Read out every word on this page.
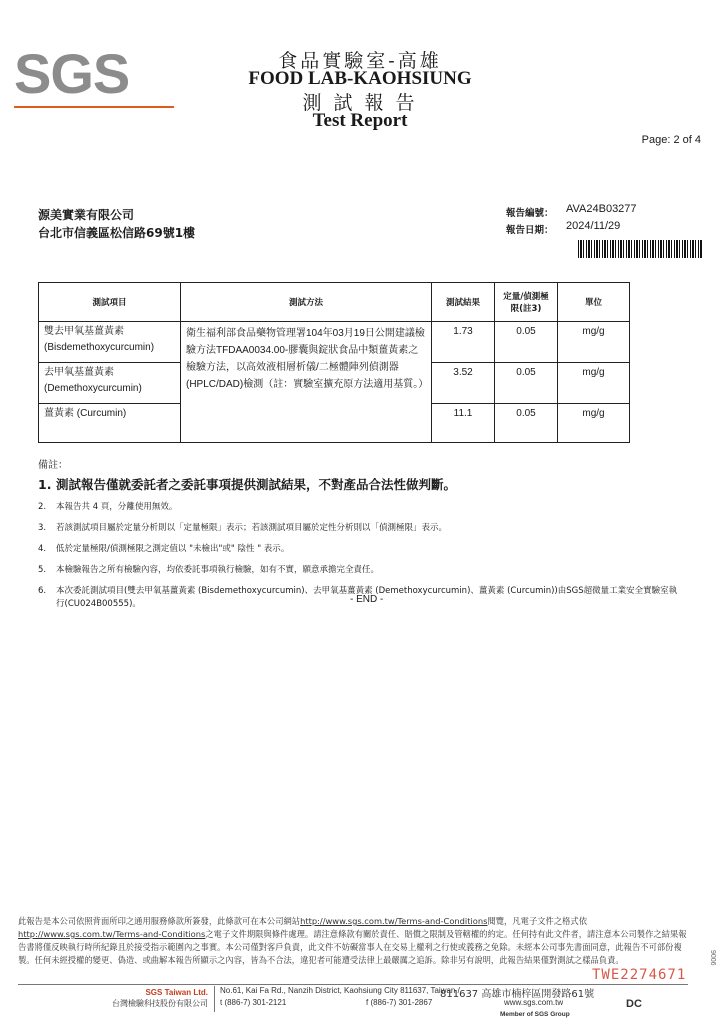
SGS	食品實驗室-高雄
FOOD LAB-KAOHSIUNG
測 試 報 告
Test Report
Page: 2 of 4
源美實業有限公司
台北市信義區松信路69號1樓
報告編號： AVA24B03277
報告日期： 2024/11/29
測試項目	測試方法	測試結果	定量/偵測極限(註3)	單位

雙去甲氧基薑黃素
(Bisdemethoxycurcumin)	衛生福利部食品藥物管理署104年03月19日公開建議檢驗方法TFDAA0034.00-膠囊與錠狀食品中類薑黃素之檢驗方法，以高效液相層析儀/二極體陣列偵測器(HPLC/DAD)檢測（註：實驗室擴充原方法適用基質。）	1.73	0.05	mg/g

去甲氧基薑黃素
(Demethoxycurcumin)		3.52	0.05	mg/g

薑黃素 (Curcumin)		11.1	0.05	mg/g
備註：
1. 測試報告僅就委託者之委託事項提供測試結果，不對產品合法性做判斷。
2. 本報告共 4 頁，分離使用無效。
3. 若該測試項目屬於定量分析則以「定量極限」表示；若該測試項目屬於定性分析則以「偵測極限」表示。
4. 低於定量極限/偵測極限之測定值以 "未檢出"或" 陰性 " 表示。
5. 本檢驗報告之所有檢驗內容，均依委託事項執行檢驗，如有不實，願意承擔完全責任。
6. 本次委託測試項目(雙去甲氧基薑黃素 (Bisdemethoxycurcumin)、去甲氧基薑黃素 (Demethoxycurcumin)、薑黃素 (Curcumin))由SGS超微量工業安全實驗室執行(CU024B00555)。	- END -
此報告是本公司依照背面所印之通用服務條款所簽發，此條款可在本公司網站http://www.sgs.com.tw/Terms-and-Conditions閱覽，凡電子文件之格式依http://www.sgs.com.tw/Terms-and-Conditions之電子文件期限與條件處理。請注意條款有關於責任、賠償之限制及管轄權的約定。任何持有此文件者，請注意本公司製作之結果報告書將僅反映執行時所紀錄且於接受指示範圍內之事實。本公司僅對客戶負責，此文件不妨礙當事人在交易上權利之行使或義務之免除。未經本公司事先書面同意，此報告不可部份複製。任何未經授權的變更、偽造、或曲解本報告所顯示之內容，皆為不合法，違犯者可能遭受法律上最嚴厲之追訴。除非另有說明，此報告結果僅對測試之樣品負責。
TWE2274671
9006
SGS Taiwan Ltd.
台灣檢驗科技股份有限公司
No.61, Kai Fa Rd., Nanzih District, Kaohsiung City 811637, Taiwan /
811637 高雄市楠梓區開發路61號
t (886-7) 301-2121	f (886-7) 301-2867	www.sgs.com.tw	DC
Member of SGS Group
